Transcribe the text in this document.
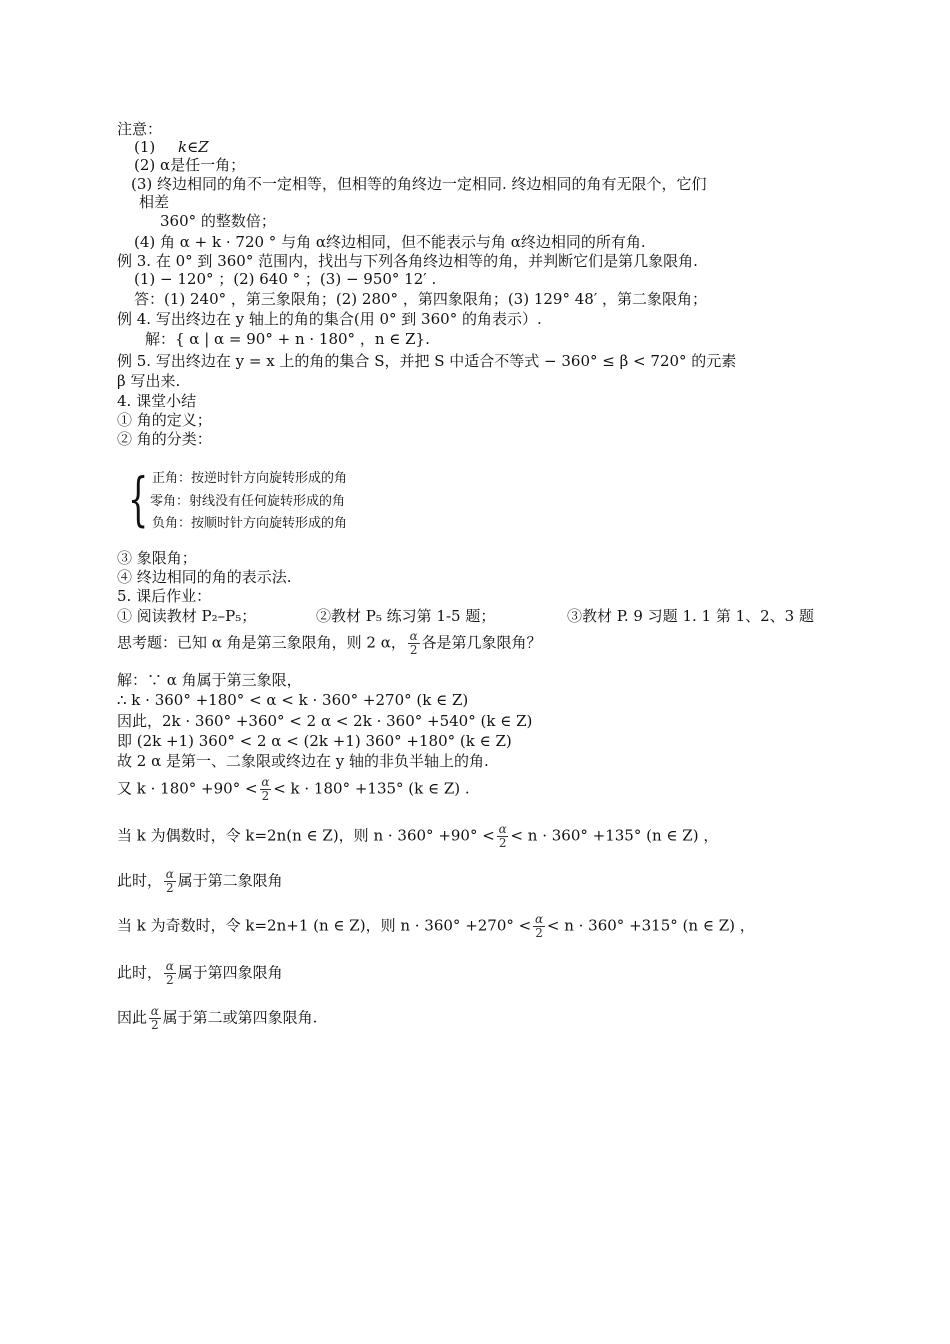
注意：
(1) k∈Z
(2) α是任一角；
(3) 终边相同的角不一定相等，但相等的角终边一定相同. 终边相同的角有无限个，它们
相差
360° 的整数倍；
(4) 角 α + k · 720 ° 与角 α终边相同，但不能表示与角 α终边相同的所有角.
例 3. 在 0° 到 360° 范围内，找出与下列各角终边相等的角，并判断它们是第几象限角.
(1) − 120° ；(2) 640 ° ；(3) − 950° 12′ .
答：(1) 240° ，第三象限角；(2) 280° ，第四象限角；(3) 129° 48′ ，第二象限角；
例 4. 写出终边在 y 轴上的角的集合(用 0° 到 360° 的角表示）.
解：{ α | α = 90° + n · 180° ，n ∈ Z}.
例 5. 写出终边在 y = x 上的角的集合 S，并把 S 中适合不等式 − 360° ≤ β < 720° 的元素
β 写出来.
4. 课堂小结
① 角的定义；
② 角的分类：
{ 正角：按逆时针方向旋转形成的角
零角：射线没有任何旋转形成的角
负角：按顺时针方向旋转形成的角
③ 象限角；
④ 终边相同的角的表示法.
5. 课后作业：
① 阅读教材 P₂–P₅；	②教材 P₅ 练习第 1-5 题；	③教材 P. 9 习题 1. 1 第 1、2、3 题
思考题：已知 α 角是第三象限角，则 2 α， $\frac{\alpha}{2}$ 各是第几象限角？
解：∵ α 角属于第三象限，
∴ k · 360° +180° < α < k · 360° +270° (k ∈ Z)
因此，2k · 360° +360° < 2 α < 2k · 360° +540° (k ∈ Z)
即 (2k +1) 360° < 2 α < (2k +1) 360° +180° (k ∈ Z)
故 2 α 是第一、二象限或终边在 y 轴的非负半轴上的角.
又 $k \cdot 180^\circ +90^\circ < \frac{\alpha}{2} < k \cdot 180^\circ +135^\circ$ (k ∈ Z) .
当 k 为偶数时，令 k=2n(n ∈ Z)，则 $n \cdot 360^\circ +90^\circ < \frac{\alpha}{2} < n \cdot 360^\circ +135^\circ$ (n ∈ Z) ，
此时， $\frac{\alpha}{2}$ 属于第二象限角
当 k 为奇数时，令 k=2n+1 (n ∈ Z)，则 $n \cdot 360^\circ +270^\circ < \frac{\alpha}{2} < n \cdot 360^\circ +315^\circ$ (n ∈ Z) ，
此时， $\frac{\alpha}{2}$ 属于第四象限角
因此 $\frac{\alpha}{2}$ 属于第二或第四象限角.
